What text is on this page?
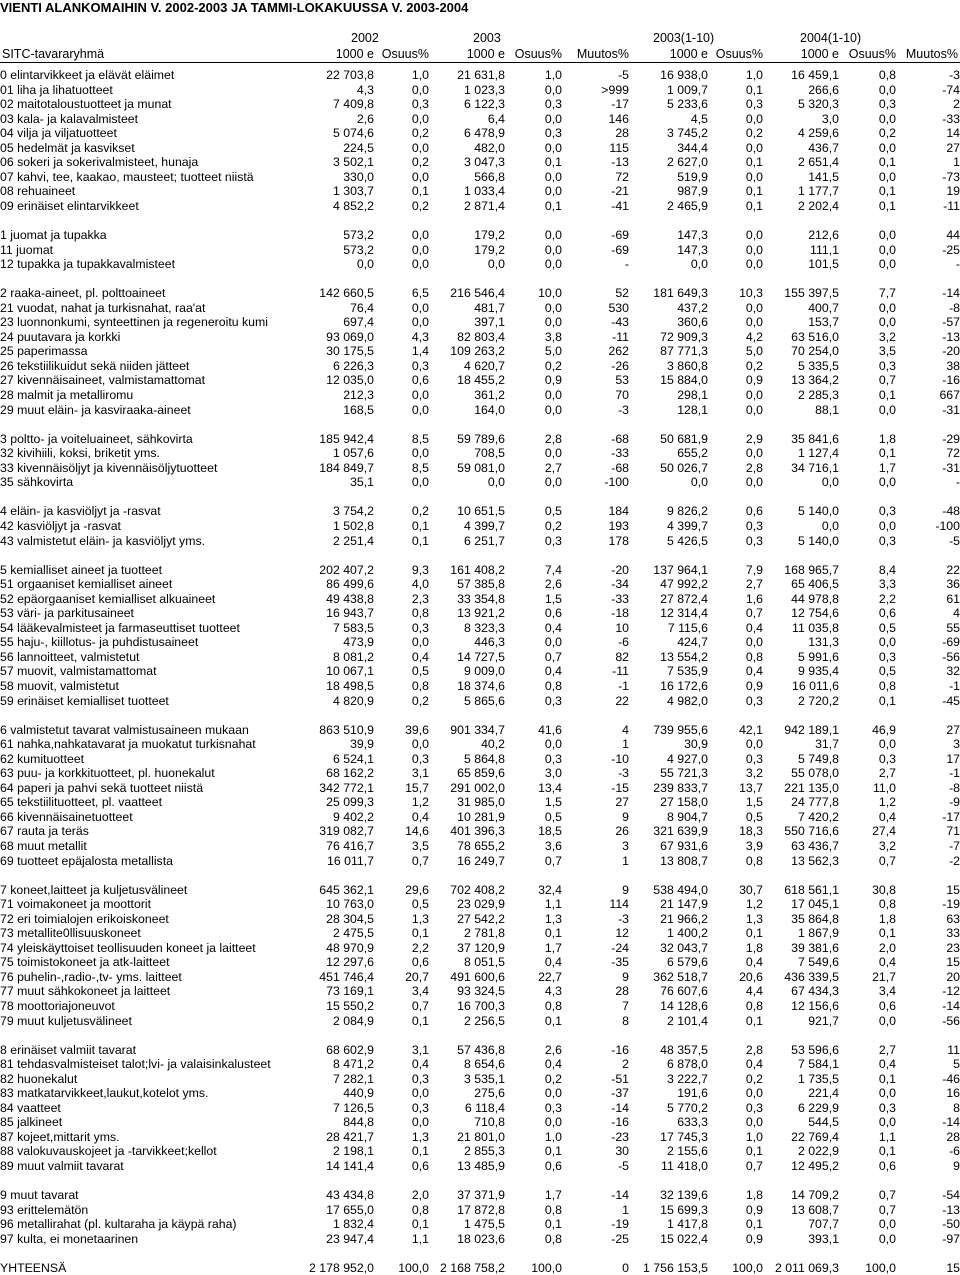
VIENTI ALANKOMAIHIN V. 2002-2003 JA TAMMI-LOKAKUUSSA V. 2003-2004
2002	2003	2003(1-10)	2004(1-10)
SITC-tavararyhmä	1000 e Osuus%	1000 e Osuus% Muutos%	1000 e Osuus%	1000 e Osuus% Muutos%
0 elintarvikkeet ja elävät eläimet	22 703,8	1,0	21 631,8	1,0	-5	16 938,0	1,0	16 459,1	0,8	-3
01 liha ja lihatuotteet	4,3	0,0	1 023,3	0,0	>999	1 009,7	0,1	266,6	0,0	-74
02 maitotaloustuotteet ja munat	7 409,8	0,3	6 122,3	0,3	-17	5 233,6	0,3	5 320,3	0,3	2
03 kala- ja kalavalmisteet	2,6	0,0	6,4	0,0	146	4,5	0,0	3,0	0,0	-33
04 vilja ja viljatuotteet	5 074,6	0,2	6 478,9	0,3	28	3 745,2	0,2	4 259,6	0,2	14
05 hedelmät ja kasvikset	224,5	0,0	482,0	0,0	115	344,4	0,0	436,7	0,0	27
06 sokeri ja sokerivalmisteet, hunaja	3 502,1	0,2	3 047,3	0,1	-13	2 627,0	0,1	2 651,4	0,1	1
07 kahvi, tee, kaakao, mausteet; tuotteet niistä	330,0	0,0	566,8	0,0	72	519,9	0,0	141,5	0,0	-73
08 rehuaineet	1 303,7	0,1	1 033,4	0,0	-21	987,9	0,1	1 177,7	0,1	19
09 erinäiset elintarvikkeet	4 852,2	0,2	2 871,4	0,1	-41	2 465,9	0,1	2 202,4	0,1	-11

1 juomat ja tupakka	573,2	0,0	179,2	0,0	-69	147,3	0,0	212,6	0,0	44
11 juomat	573,2	0,0	179,2	0,0	-69	147,3	0,0	111,1	0,0	-25
12 tupakka ja tupakkavalmisteet	0,0	0,0	0,0	0,0	-	0,0	0,0	101,5	0,0	-

2 raaka-aineet, pl. polttoaineet	142 660,5	6,5	216 546,4	10,0	52	181 649,3	10,3	155 397,5	7,7	-14
21 vuodat, nahat ja turkisnahat, raa'at	76,4	0,0	481,7	0,0	530	437,2	0,0	400,7	0,0	-8
23 luonnonkumi, synteettinen ja regeneroitu kumi	697,4	0,0	397,1	0,0	-43	360,6	0,0	153,7	0,0	-57
24 puutavara ja korkki	93 069,0	4,3	82 803,4	3,8	-11	72 909,3	4,2	63 516,0	3,2	-13
25 paperimassa	30 175,5	1,4	109 263,2	5,0	262	87 771,3	5,0	70 254,0	3,5	-20
26 tekstiilikuidut sekä niiden jätteet	6 226,3	0,3	4 620,7	0,2	-26	3 860,8	0,2	5 335,5	0,3	38
27 kivennäisaineet, valmistamattomat	12 035,0	0,6	18 455,2	0,9	53	15 884,0	0,9	13 364,2	0,7	-16
28 malmit ja metalliromu	212,3	0,0	361,2	0,0	70	298,1	0,0	2 285,3	0,1	667
29 muut eläin- ja kasviraaka-aineet	168,5	0,0	164,0	0,0	-3	128,1	0,0	88,1	0,0	-31

3 poltto- ja voiteluaineet, sähkovirta	185 942,4	8,5	59 789,6	2,8	-68	50 681,9	2,9	35 841,6	1,8	-29
32 kivihiili, koksi, briketit yms.	1 057,6	0,0	708,5	0,0	-33	655,2	0,0	1 127,4	0,1	72
33 kivennäisöljyt ja kivennäisöljytuotteet	184 849,7	8,5	59 081,0	2,7	-68	50 026,7	2,8	34 716,1	1,7	-31
35 sähkovirta	35,1	0,0	0,0	0,0	-100	0,0	0,0	0,0	0,0	-

4 eläin- ja kasviöljyt ja -rasvat	3 754,2	0,2	10 651,5	0,5	184	9 826,2	0,6	5 140,0	0,3	-48
42 kasviöljyt ja -rasvat	1 502,8	0,1	4 399,7	0,2	193	4 399,7	0,3	0,0	0,0	-100
43 valmistetut eläin- ja kasviöljyt yms.	2 251,4	0,1	6 251,7	0,3	178	5 426,5	0,3	5 140,0	0,3	-5

5 kemialliset aineet ja tuotteet	202 407,2	9,3	161 408,2	7,4	-20	137 964,1	7,9	168 965,7	8,4	22
51 orgaaniset kemialliset aineet	86 499,6	4,0	57 385,8	2,6	-34	47 992,2	2,7	65 406,5	3,3	36
52 epäorgaaniset kemialliset alkuaineet	49 438,8	2,3	33 354,8	1,5	-33	27 872,4	1,6	44 978,8	2,2	61
53 väri- ja parkitusaineet	16 943,7	0,8	13 921,2	0,6	-18	12 314,4	0,7	12 754,6	0,6	4
54 lääkevalmisteet ja farmaseuttiset tuotteet	7 583,5	0,3	8 323,3	0,4	10	7 115,6	0,4	11 035,8	0,5	55
55 haju-, kiillotus- ja puhdistusaineet	473,9	0,0	446,3	0,0	-6	424,7	0,0	131,3	0,0	-69
56 lannoitteet, valmistetut	8 081,2	0,4	14 727,5	0,7	82	13 554,2	0,8	5 991,6	0,3	-56
57 muovit, valmistamattomat	10 067,1	0,5	9 009,0	0,4	-11	7 535,9	0,4	9 935,4	0,5	32
58 muovit, valmistetut	18 498,5	0,8	18 374,6	0,8	-1	16 172,6	0,9	16 011,6	0,8	-1
59 erinäiset kemialliset tuotteet	4 820,9	0,2	5 865,6	0,3	22	4 982,0	0,3	2 720,2	0,1	-45

6 valmistetut tavarat valmistusaineen mukaan	863 510,9	39,6	901 334,7	41,6	4	739 955,6	42,1	942 189,1	46,9	27
61 nahka,nahkatavarat ja muokatut turkisnahat	39,9	0,0	40,2	0,0	1	30,9	0,0	31,7	0,0	3
62 kumituotteet	6 524,1	0,3	5 864,8	0,3	-10	4 927,0	0,3	5 749,8	0,3	17
63 puu- ja korkkituotteet, pl. huonekalut	68 162,2	3,1	65 859,6	3,0	-3	55 721,3	3,2	55 078,0	2,7	-1
64 paperi ja pahvi sekä tuotteet niistä	342 772,1	15,7	291 002,0	13,4	-15	239 833,7	13,7	221 135,0	11,0	-8
65 tekstiilituotteet, pl. vaatteet	25 099,3	1,2	31 985,0	1,5	27	27 158,0	1,5	24 777,8	1,2	-9
66 kivennäisainetuotteet	9 402,2	0,4	10 281,9	0,5	9	8 904,7	0,5	7 420,2	0,4	-17
67 rauta ja teräs	319 082,7	14,6	401 396,3	18,5	26	321 639,9	18,3	550 716,6	27,4	71
68 muut metallit	76 416,7	3,5	78 655,2	3,6	3	67 931,6	3,9	63 436,7	3,2	-7
69 tuotteet epäjalosta metallista	16 011,7	0,7	16 249,7	0,7	1	13 808,7	0,8	13 562,3	0,7	-2

7 koneet,laitteet ja kuljetusvälineet	645 362,1	29,6	702 408,2	32,4	9	538 494,0	30,7	618 561,1	30,8	15
71 voimakoneet ja moottorit	10 763,0	0,5	23 029,9	1,1	114	21 147,9	1,2	17 045,1	0,8	-19
72 eri toimialojen erikoiskoneet	28 304,5	1,3	27 542,2	1,3	-3	21 966,2	1,3	35 864,8	1,8	63
73 metallite0llisuuskoneet	2 475,5	0,1	2 781,8	0,1	12	1 400,2	0,1	1 867,9	0,1	33
74 yleiskäyttoiset teollisuuden koneet ja laitteet	48 970,9	2,2	37 120,9	1,7	-24	32 043,7	1,8	39 381,6	2,0	23
75 toimistokoneet ja atk-laitteet	12 297,6	0,6	8 051,5	0,4	-35	6 579,6	0,4	7 549,6	0,4	15
76 puhelin-,radio-,tv- yms. laitteet	451 746,4	20,7	491 600,6	22,7	9	362 518,7	20,6	436 339,5	21,7	20
77 muut sähkokoneet ja laitteet	73 169,1	3,4	93 324,5	4,3	28	76 607,6	4,4	67 434,3	3,4	-12
78 moottoriajoneuvot	15 550,2	0,7	16 700,3	0,8	7	14 128,6	0,8	12 156,6	0,6	-14
79 muut kuljetusvälineet	2 084,9	0,1	2 256,5	0,1	8	2 101,4	0,1	921,7	0,0	-56

8 erinäiset valmiit tavarat	68 602,9	3,1	57 436,8	2,6	-16	48 357,5	2,8	53 596,6	2,7	11
81 tehdasvalmisteiset talot;lvi- ja valaisinkalusteet	8 471,2	0,4	8 654,6	0,4	2	6 878,0	0,4	7 584,1	0,4	5
82 huonekalut	7 282,1	0,3	3 535,1	0,2	-51	3 222,7	0,2	1 735,5	0,1	-46
83 matkatarvikkeet,laukut,kotelot yms.	440,9	0,0	275,6	0,0	-37	191,6	0,0	221,4	0,0	16
84 vaatteet	7 126,5	0,3	6 118,4	0,3	-14	5 770,2	0,3	6 229,9	0,3	8
85 jalkineet	844,8	0,0	710,8	0,0	-16	633,3	0,0	544,5	0,0	-14
87 kojeet,mittarit yms.	28 421,7	1,3	21 801,0	1,0	-23	17 745,3	1,0	22 769,4	1,1	28
88 valokuvauskojeet ja -tarvikkeet;kellot	2 198,1	0,1	2 855,3	0,1	30	2 155,6	0,1	2 022,9	0,1	-6
89 muut valmiit tavarat	14 141,4	0,6	13 485,9	0,6	-5	11 418,0	0,7	12 495,2	0,6	9

9 muut tavarat	43 434,8	2,0	37 371,9	1,7	-14	32 139,6	1,8	14 709,2	0,7	-54
93 erittelemätön	17 655,0	0,8	17 872,8	0,8	1	15 699,3	0,9	13 608,7	0,7	-13
96 metallirahat (pl. kultaraha ja käypä raha)	1 832,4	0,1	1 475,5	0,1	-19	1 417,8	0,1	707,7	0,0	-50
97 kulta, ei monetaarinen	23 947,4	1,1	18 023,6	0,8	-25	15 022,4	0,9	393,1	0,0	-97

YHTEENSÄ	2 178 952,0	100,0	2 168 758,2	100,0	0	1 756 153,5	100,0	2 011 069,3	100,0	15
